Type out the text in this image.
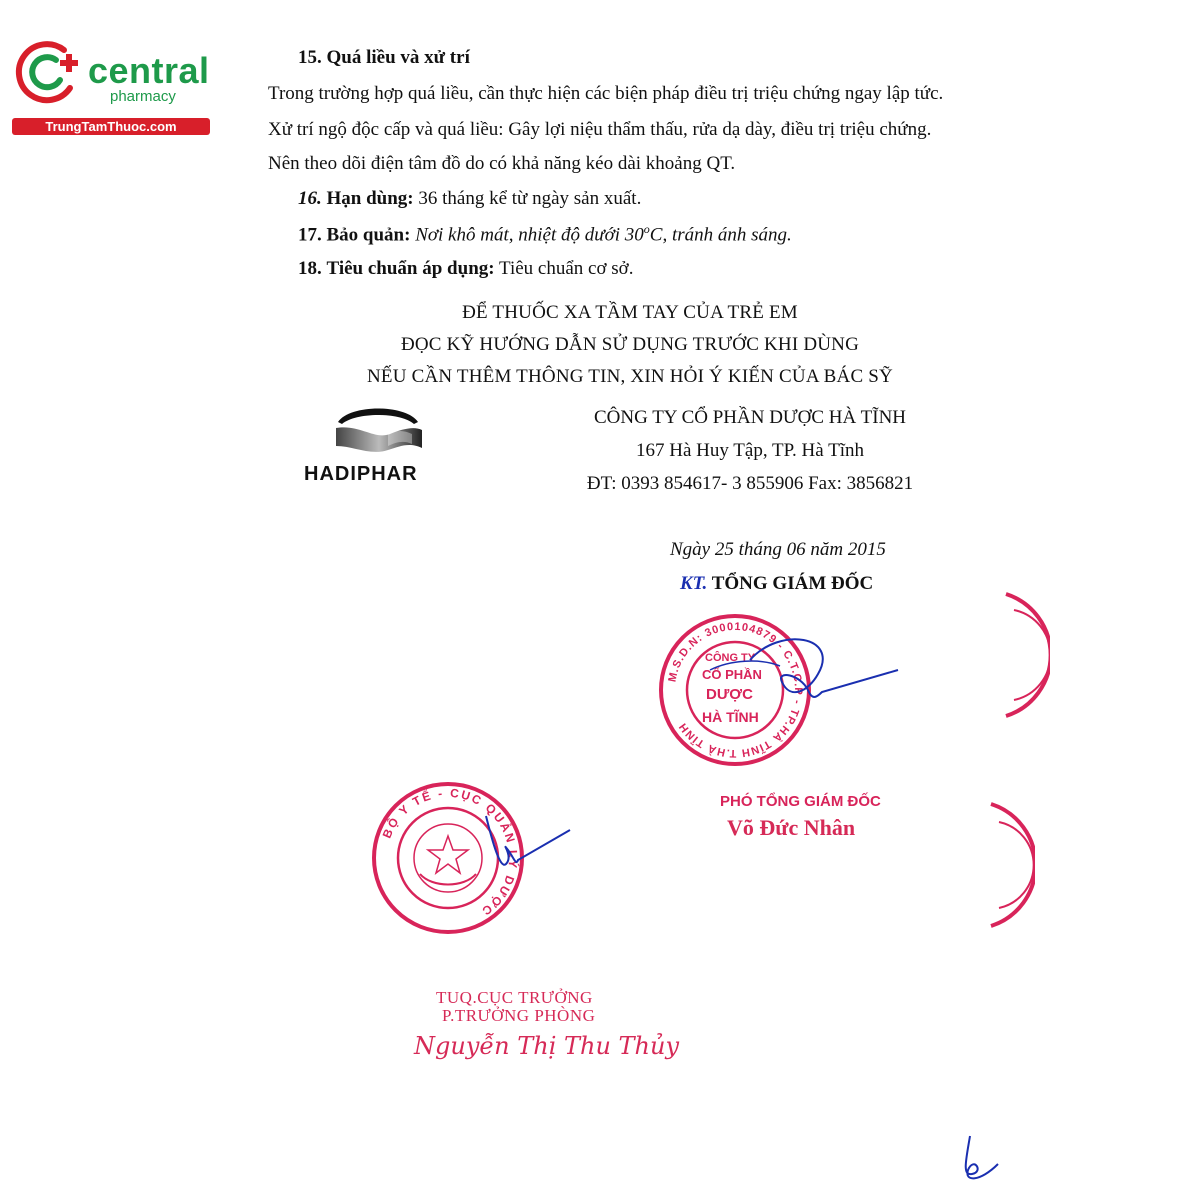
central
pharmacy
TrungTamThuoc.com
15. Quá liều và xử trí
Trong trường hợp quá liều, cần thực hiện các biện pháp điều trị triệu chứng ngay lập tức.
Xử trí ngộ độc cấp và quá liều: Gây lợi niệu thẩm thấu, rửa dạ dày, điều trị triệu chứng.
Nên theo dõi điện tâm đồ do có khả năng kéo dài khoảng QT.
16. Hạn dùng: 36 tháng kể từ ngày sản xuất.
17. Bảo quản: Nơi khô mát, nhiệt độ dưới 30$^o$C, tránh ánh sáng.
18. Tiêu chuẩn áp dụng: Tiêu chuẩn cơ sở.
ĐỂ THUỐC XA TẦM TAY CỦA TRẺ EM
ĐỌC KỸ HƯỚNG DẪN SỬ DỤNG TRƯỚC KHI DÙNG
NẾU CẦN THÊM THÔNG TIN, XIN HỎI Ý KIẾN CỦA BÁC SỸ
HADIPHAR
CÔNG TY CỔ PHẦN DƯỢC HÀ TĨNH
167 Hà Huy Tập, TP. Hà Tĩnh
ĐT: 0393 854617- 3 855906 Fax: 3856821
Ngày 25 tháng 06 năm 2015
KT. TỔNG GIÁM ĐỐC
M.S.D.N: 3000104879 - C.T.C.P - TP.HÀ TĨNH T.HÀ TĨNH
CÔNG TY
CỔ PHẦN
DƯỢC
HÀ TĨNH
PHÓ TỔNG GIÁM ĐỐC
Võ Đức Nhân
BỘ Y TẾ - CỤC QUẢN LÝ DƯỢC
TUQ.CỤC TRƯỞNG
P.TRƯỞNG PHÒNG
Nguyễn Thị Thu Thủy
